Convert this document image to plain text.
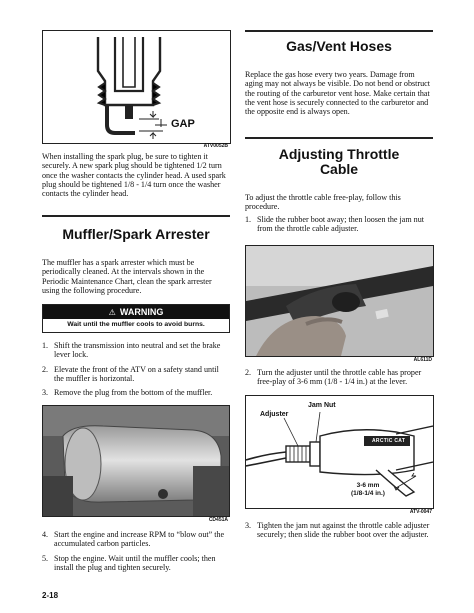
GAP
ATV0052B

When installing the spark plug, be sure to tighten it securely. A new spark plug should be tightened 1/2 turn once the washer contacts the cylinder head. A used spark plug should be tightened 1/8 - 1/4 turn once the washer contacts the cylinder head.

Muffler/Spark Arrester

The muffler has a spark arrester which must be periodically cleaned. At the intervals shown in the Periodic Maintenance Chart, clean the spark arrester using the following procedure.

⚠ WARNING
Wait until the muffler cools to avoid burns.
1. Shift the transmission into neutral and set the brake lever lock.
2. Elevate the front of the ATV on a safety stand until the muffler is horizontal.
3. Remove the plug from the bottom of the muffler.
CD451A
4. Start the engine and increase RPM to “blow out” the accumulated carbon particles.
5. Stop the engine. Wait until the muffler cools; then install the plug and tighten securely.
2-18
Gas/Vent Hoses

Replace the gas hose every two years. Damage from aging may not always be visible. Do not bend or obstruct the routing of the carburetor vent hose. Make certain that the vent hose is securely connected to the carburetor and the opposite end is always open.

Adjusting Throttle
Cable

To adjust the throttle cable free-play, follow this procedure.

1. Slide the rubber boot away; then loosen the jam nut from the throttle cable adjuster.
AL611D
2. Turn the adjuster until the throttle cable has proper free-play of 3-6 mm (1/8 - 1/4 in.) at the lever.
Jam Nut
Adjuster
ARCTIC CAT
3-6 mm
(1/8-1/4 in.)
ATV-0047
3. Tighten the jam nut against the throttle cable adjuster securely; then slide the rubber boot over the adjuster.
